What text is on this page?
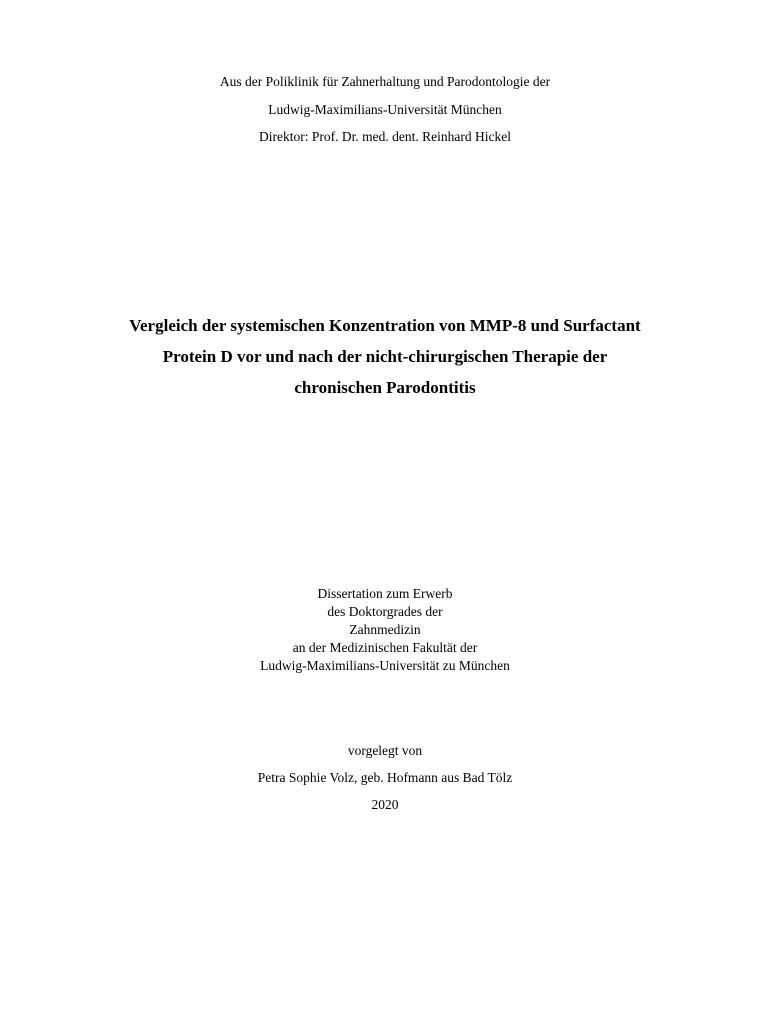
Aus der Poliklinik für Zahnerhaltung und Parodontologie der
Ludwig-Maximilians-Universität München
Direktor: Prof. Dr. med. dent. Reinhard Hickel
Vergleich der systemischen Konzentration von MMP-8 und Surfactant
Protein D vor und nach der nicht-chirurgischen Therapie der
chronischen Parodontitis
Dissertation zum Erwerb
des Doktorgrades der
Zahnmedizin
an der Medizinischen Fakultät der
Ludwig-Maximilians-Universität zu München
vorgelegt von
Petra Sophie Volz, geb. Hofmann aus Bad Tölz
2020
